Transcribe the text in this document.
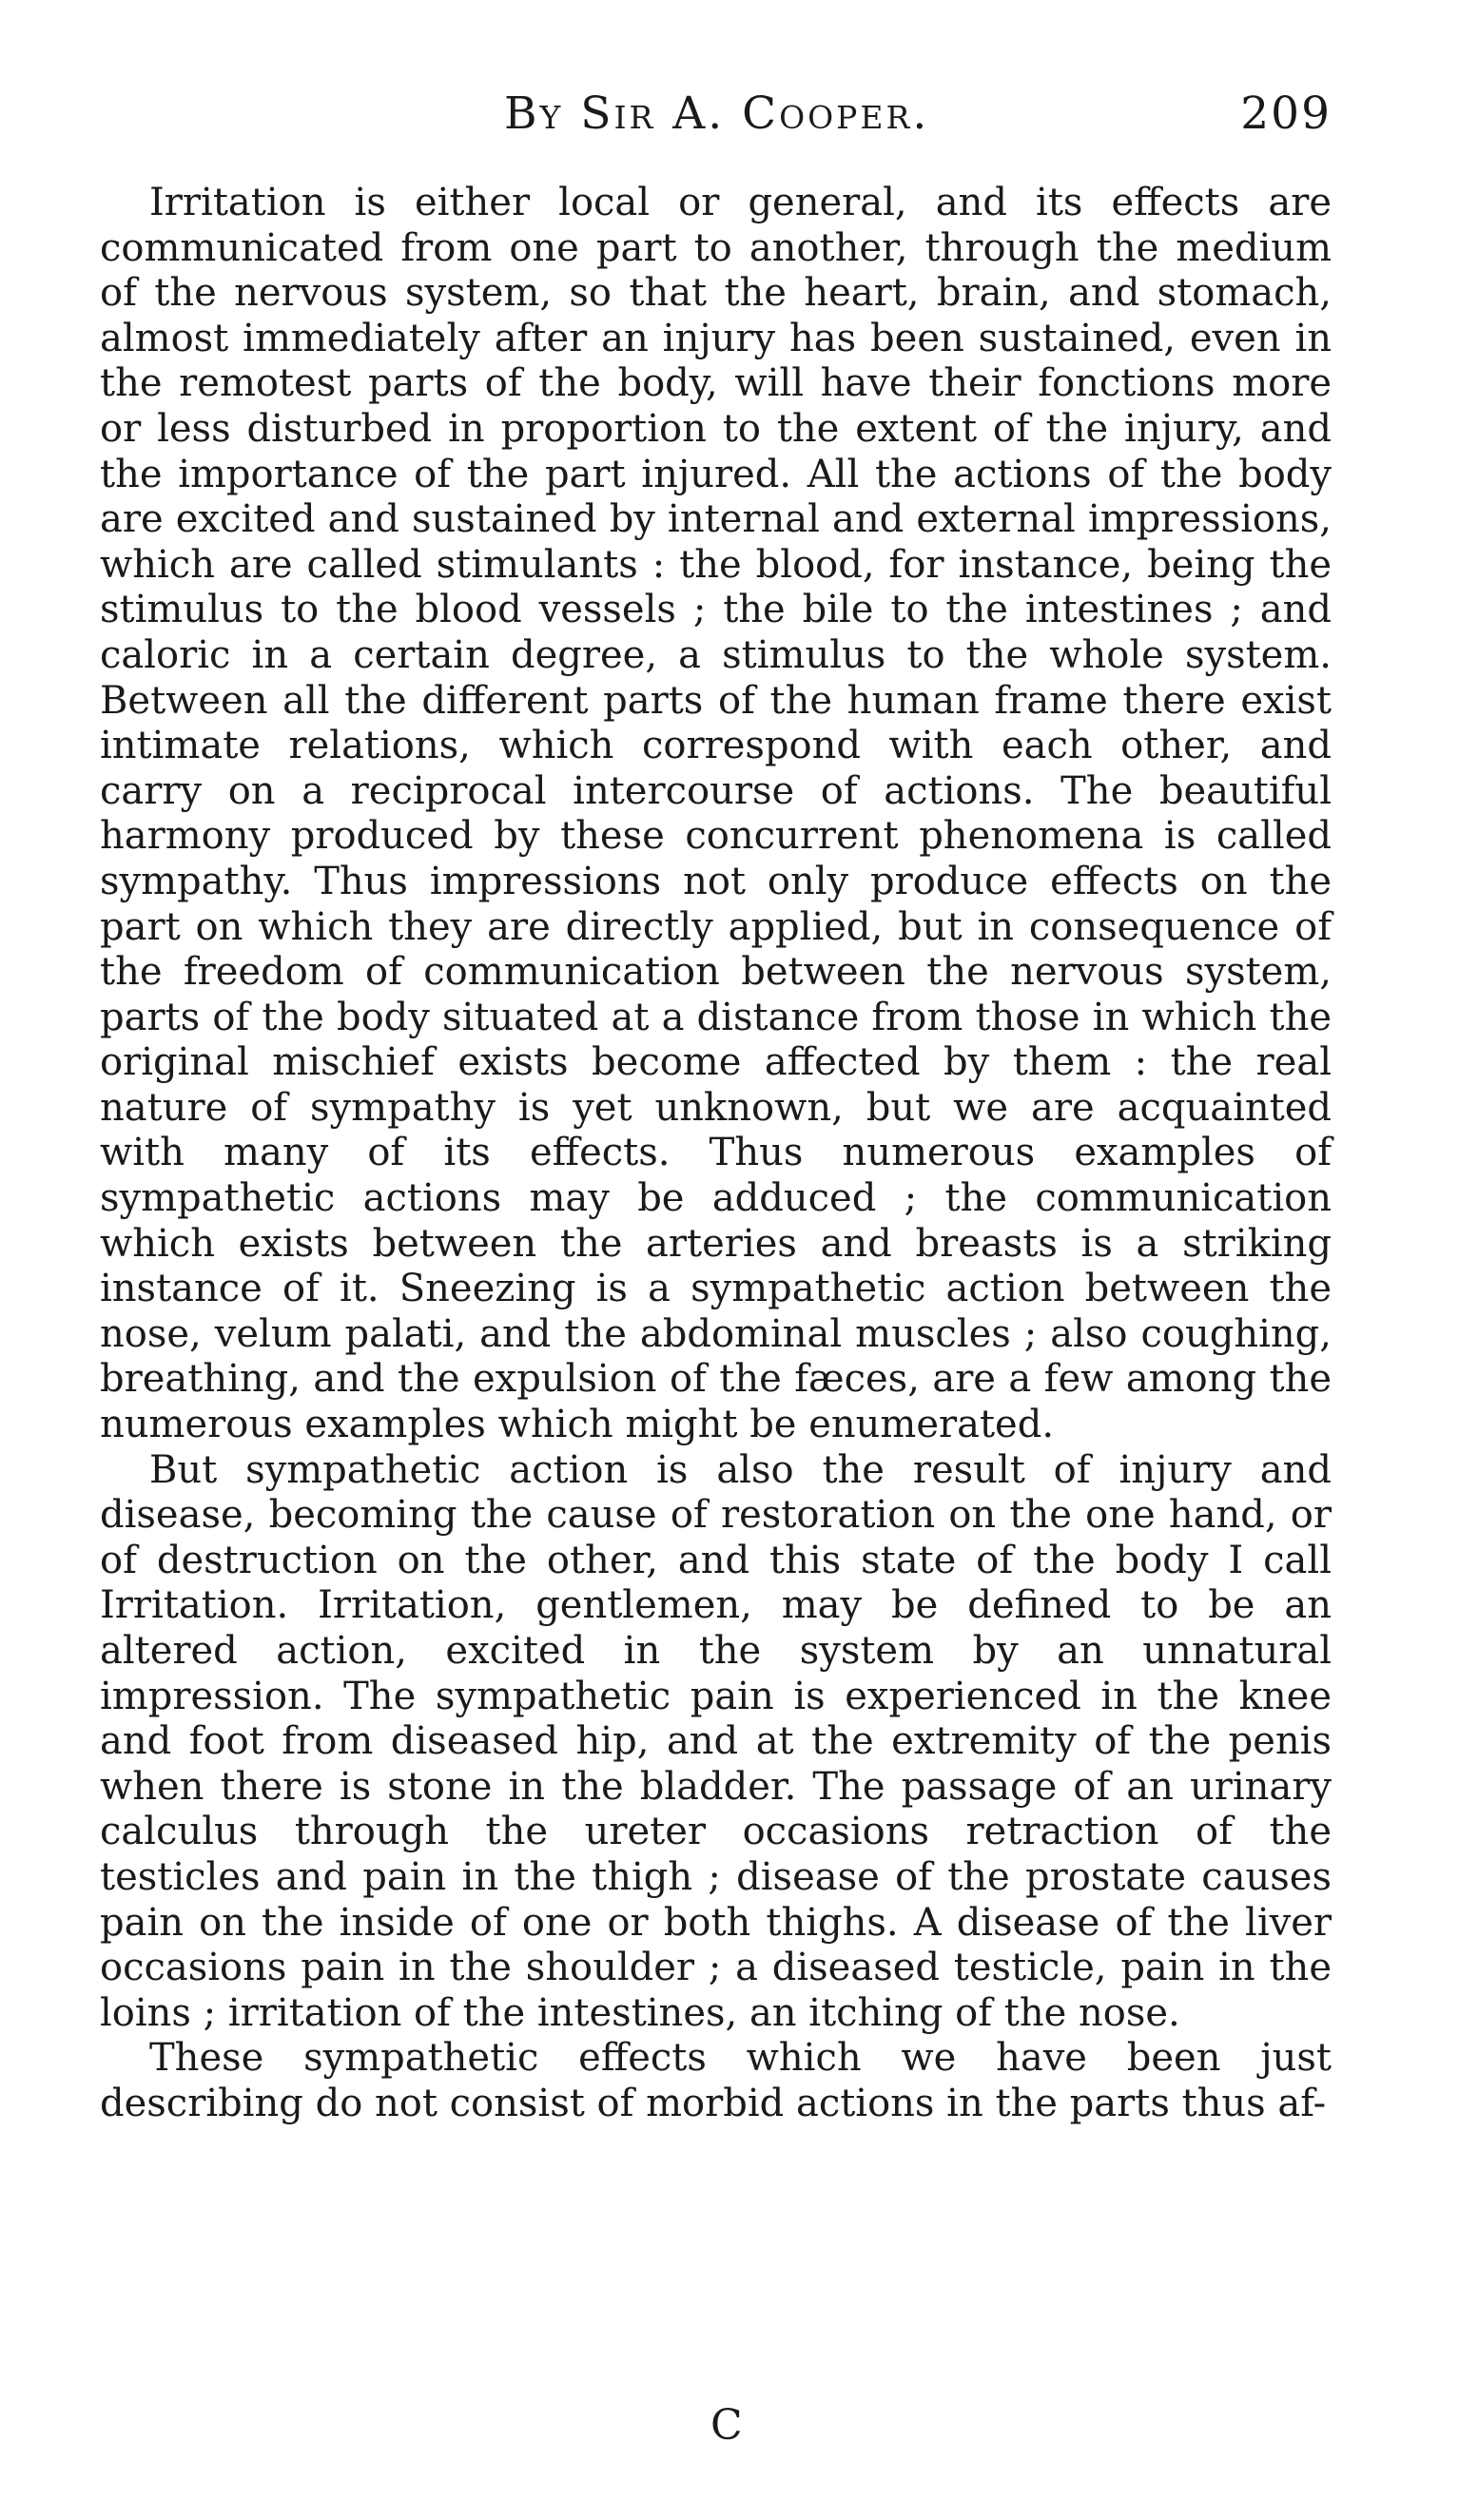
By Sir A. Cooper.	209

Irritation is either local or general, and its effects are communicated from one part to another, through the medium of the nervous system, so that the heart, brain, and stomach, almost immediately after an injury has been sustained, even in the remotest parts of the body, will have their fonctions more or less disturbed in proportion to the extent of the injury, and the importance of the part injured. All the actions of the body are excited and sustained by internal and external impressions, which are called stimulants : the blood, for instance, being the stimulus to the blood vessels ; the bile to the intestines ; and caloric in a certain degree, a stimulus to the whole system. Between all the different parts of the human frame there exist intimate relations, which correspond with each other, and carry on a reciprocal intercourse of actions. The beautiful harmony produced by these concurrent phenomena is called sympathy. Thus impressions not only produce effects on the part on which they are directly applied, but in consequence of the freedom of communication between the nervous system, parts of the body situated at a distance from those in which the original mischief exists become affected by them : the real nature of sympathy is yet unknown, but we are acquainted with many of its effects. Thus numerous examples of sympathetic actions may be adduced ; the communication which exists between the arteries and breasts is a striking instance of it. Sneezing is a sympathetic action between the nose, velum palati, and the abdominal muscles ; also coughing, breathing, and the expulsion of the fæces, are a few among the numerous examples which might be enumerated.

But sympathetic action is also the result of injury and disease, becoming the cause of restoration on the one hand, or of destruction on the other, and this state of the body I call Irritation. Irritation, gentlemen, may be defined to be an altered action, excited in the system by an unnatural impression. The sympathetic pain is experienced in the knee and foot from diseased hip, and at the extremity of the penis when there is stone in the bladder. The passage of an urinary calculus through the ureter occasions retraction of the testicles and pain in the thigh ; disease of the prostate causes pain on the inside of one or both thighs. A disease of the liver occasions pain in the shoulder ; a diseased testicle, pain in the loins ; irritation of the intestines, an itching of the nose.

These sympathetic effects which we have been just describing do not consist of morbid actions in the parts thus af-

C
